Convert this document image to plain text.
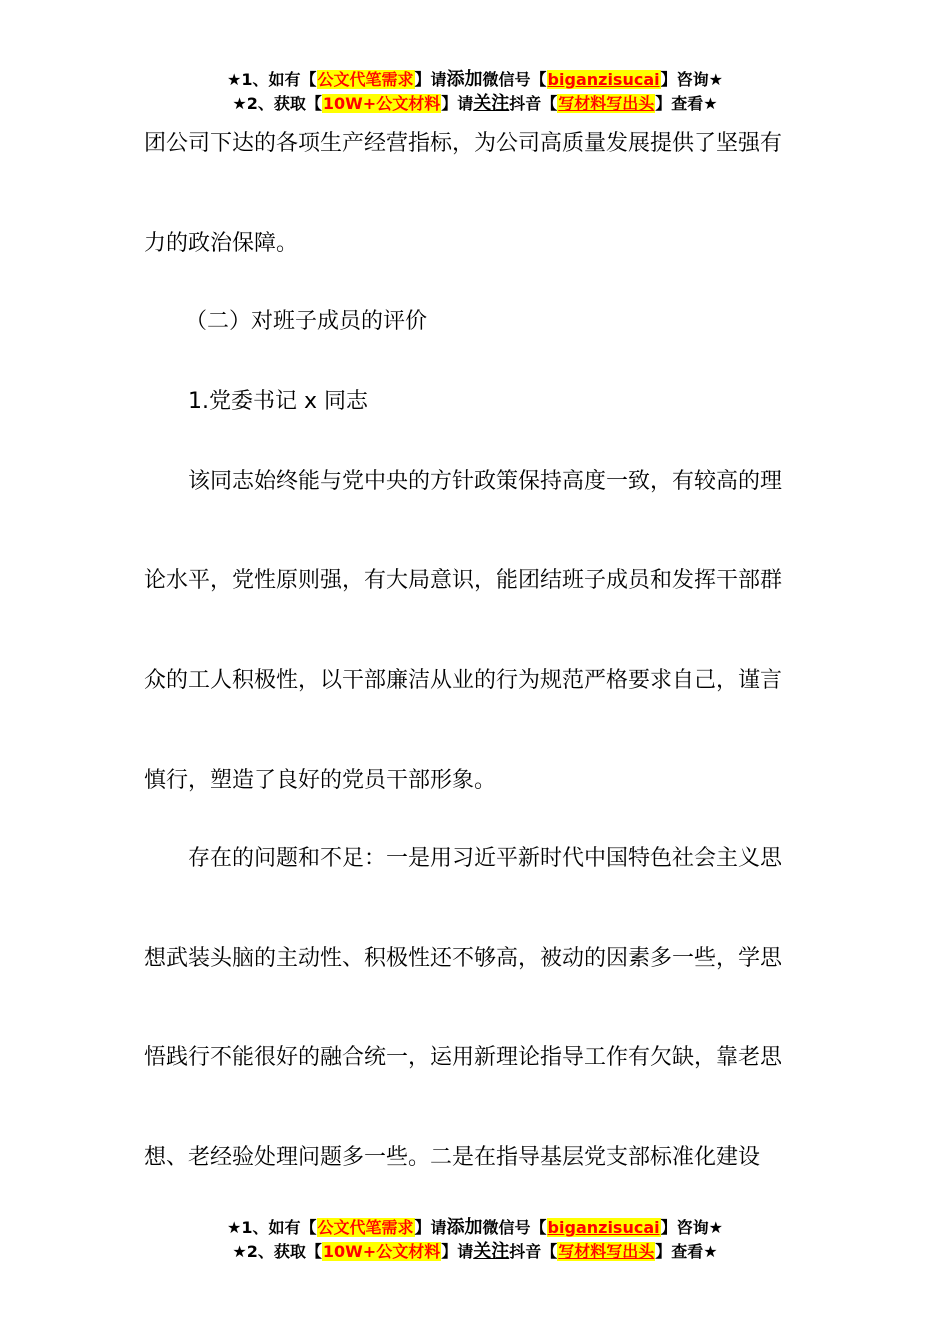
★1、如有【公文代笔需求】请添加微信号【biganzisucai】咨询★
★2、获取【10W+公文材料】请关注抖音【写材料写出头】查看★
团公司下达的各项生产经营指标，为公司高质量发展提供了坚强有
力的政治保障。
（二）对班子成员的评价
1.党委书记 x 同志
该同志始终能与党中央的方针政策保持高度一致，有较高的理
论水平，党性原则强，有大局意识，能团结班子成员和发挥干部群
众的工人积极性，以干部廉洁从业的行为规范严格要求自己，谨言
慎行，塑造了良好的党员干部形象。
存在的问题和不足：一是用习近平新时代中国特色社会主义思
想武装头脑的主动性、积极性还不够高，被动的因素多一些，学思
悟践行不能很好的融合统一，运用新理论指导工作有欠缺，靠老思
想、老经验处理问题多一些。二是在指导基层党支部标准化建设
★1、如有【公文代笔需求】请添加微信号【biganzisucai】咨询★
★2、获取【10W+公文材料】请关注抖音【写材料写出头】查看★
